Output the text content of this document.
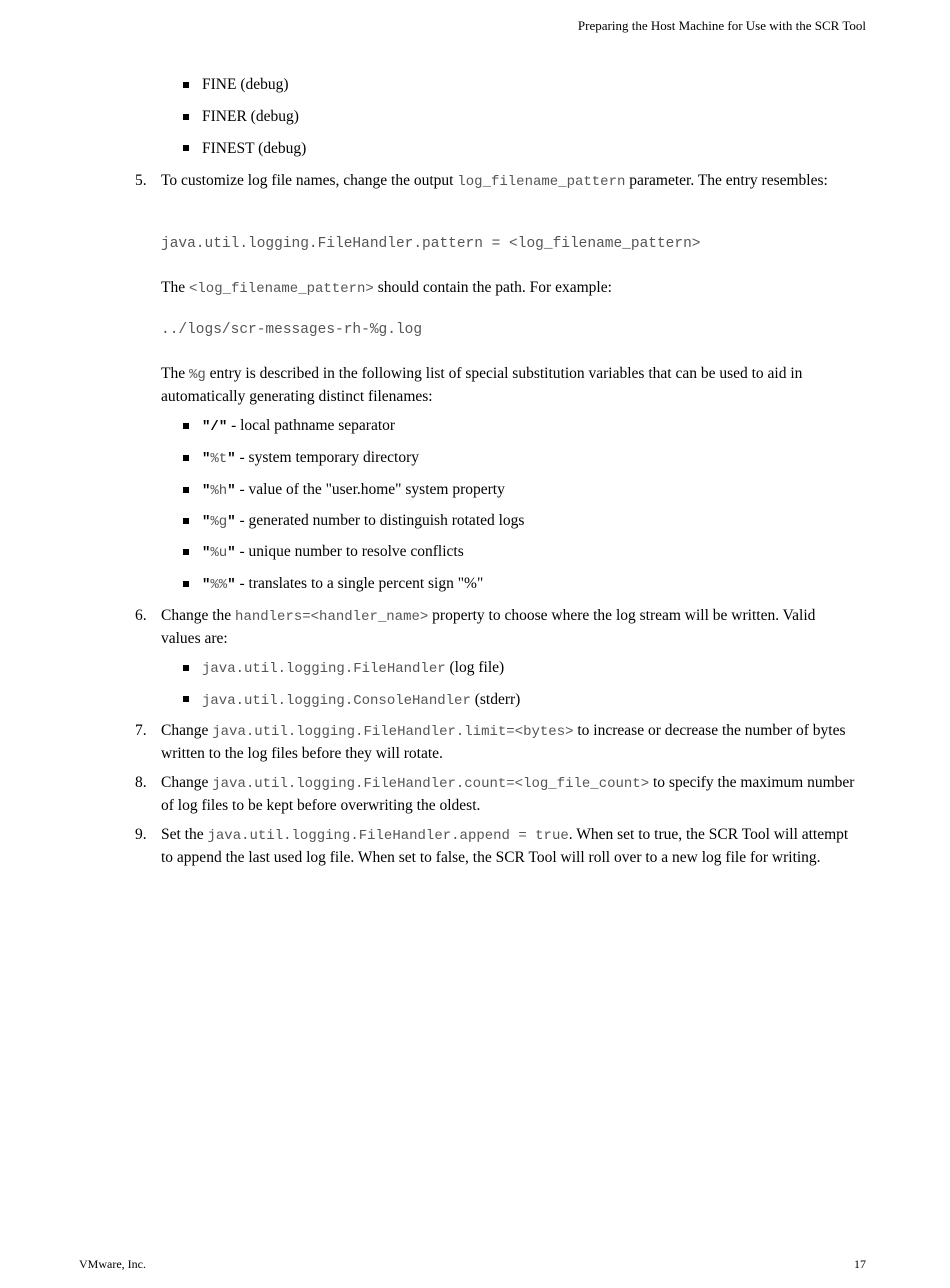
Preparing the Host Machine for Use with the SCR Tool
FINE (debug)
FINER (debug)
FINEST (debug)
5. To customize log file names, change the output log_filename_pattern parameter. The entry resembles:
java.util.logging.FileHandler.pattern = <log_filename_pattern>
The <log_filename_pattern> should contain the path. For example:
../logs/scr-messages-rh-%g.log
The %g entry is described in the following list of special substitution variables that can be used to aid in automatically generating distinct filenames:
"/" - local pathname separator
"%t" - system temporary directory
"%h" - value of the "user.home" system property
"%g" - generated number to distinguish rotated logs
"%u" - unique number to resolve conflicts
"%%" - translates to a single percent sign "%"
6. Change the handlers=<handler_name> property to choose where the log stream will be written. Valid values are:
java.util.logging.FileHandler (log file)
java.util.logging.ConsoleHandler (stderr)
7. Change java.util.logging.FileHandler.limit=<bytes> to increase or decrease the number of bytes written to the log files before they will rotate.
8. Change java.util.logging.FileHandler.count=<log_file_count> to specify the maximum number of log files to be kept before overwriting the oldest.
9. Set the java.util.logging.FileHandler.append = true. When set to true, the SCR Tool will attempt to append the last used log file. When set to false, the SCR Tool will roll over to a new log file for writing.
VMware, Inc.	17
